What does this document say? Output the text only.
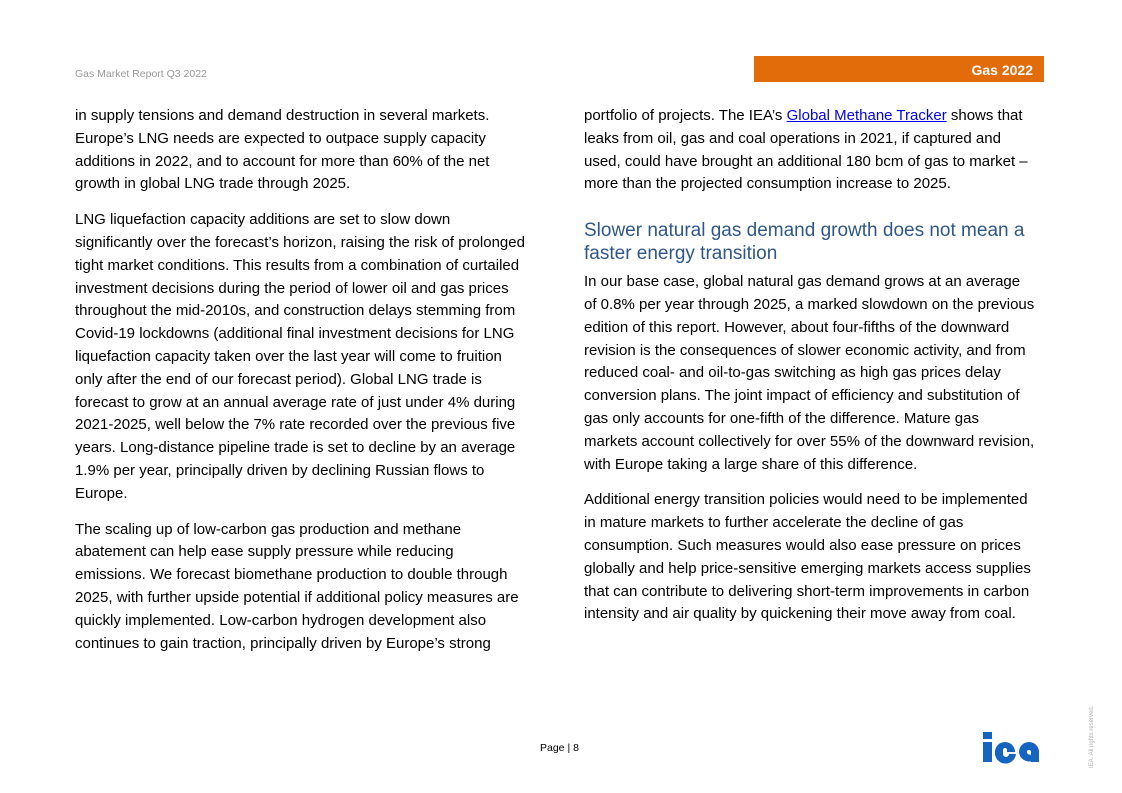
Gas Market Report Q3 2022	Gas 2022

in supply tensions and demand destruction in several markets.
Europe’s LNG needs are expected to outpace supply capacity
additions in 2022, and to account for more than 60% of the net
growth in global LNG trade through 2025.

LNG liquefaction capacity additions are set to slow down
significantly over the forecast’s horizon, raising the risk of prolonged
tight market conditions. This results from a combination of curtailed
investment decisions during the period of lower oil and gas prices
throughout the mid-2010s, and construction delays stemming from
Covid-19 lockdowns (additional final investment decisions for LNG
liquefaction capacity taken over the last year will come to fruition
only after the end of our forecast period). Global LNG trade is
forecast to grow at an annual average rate of just under 4% during
2021-2025, well below the 7% rate recorded over the previous five
years. Long-distance pipeline trade is set to decline by an average
1.9% per year, principally driven by declining Russian flows to
Europe.

The scaling up of low-carbon gas production and methane
abatement can help ease supply pressure while reducing
emissions. We forecast biomethane production to double through
2025, with further upside potential if additional policy measures are
quickly implemented. Low-carbon hydrogen development also
continues to gain traction, principally driven by Europe’s strong

portfolio of projects. The IEA’s Global Methane Tracker shows that
leaks from oil, gas and coal operations in 2021, if captured and
used, could have brought an additional 180 bcm of gas to market –
more than the projected consumption increase to 2025.

Slower natural gas demand growth does not mean a
faster energy transition

In our base case, global natural gas demand grows at an average
of 0.8% per year through 2025, a marked slowdown on the previous
edition of this report. However, about four-fifths of the downward
revision is the consequences of slower economic activity, and from
reduced coal- and oil-to-gas switching as high gas prices delay
conversion plans. The joint impact of efficiency and substitution of
gas only accounts for one-fifth of the difference. Mature gas
markets account collectively for over 55% of the downward revision,
with Europe taking a large share of this difference.

Additional energy transition policies would need to be implemented
in mature markets to further accelerate the decline of gas
consumption. Such measures would also ease pressure on prices
globally and help price-sensitive emerging markets access supplies
that can contribute to delivering short-term improvements in carbon
intensity and air quality by quickening their move away from coal.

Page | 8	IEA. All rights reserved.
